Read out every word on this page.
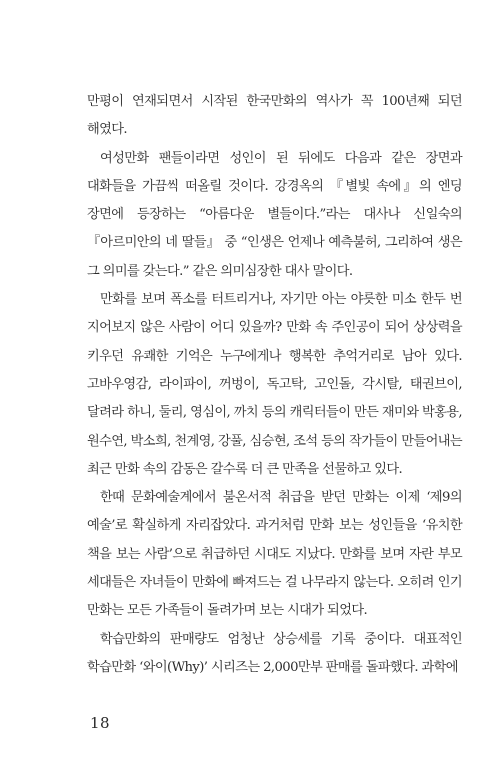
만평이 연재되면서 시작된 한국만화의 역사가 꼭 100년째 되던 해였다.

여성만화 팬들이라면 성인이 된 뒤에도 다음과 같은 장면과 대화들을 가끔씩 떠올릴 것이다. 강경옥의 『별빛 속에』의 엔딩 장면에 등장하는 “아름다운 별들이다.”라는 대사나 신일숙의 『아르미안의 네 딸들』 중 “인생은 언제나 예측불허, 그리하여 생은 그 의미를 갖는다.” 같은 의미심장한 대사 말이다.

만화를 보며 폭소를 터트리거나, 자기만 아는 야릇한 미소 한두 번 지어보지 않은 사람이 어디 있을까? 만화 속 주인공이 되어 상상력을 키우던 유쾌한 기억은 누구에게나 행복한 추억거리로 남아 있다. 고바우영감, 라이파이, 꺼벙이, 독고탁, 고인돌, 각시탈, 태권브이, 달려라 하니, 둘리, 영심이, 까치 등의 캐릭터들이 만든 재미와 박홍용, 원수연, 박소희, 천계영, 강풀, 심승현, 조석 등의 작가들이 만들어내는 최근 만화 속의 감동은 갈수록 더 큰 만족을 선물하고 있다.

한때 문화예술계에서 불온서적 취급을 받던 만화는 이제 ‘제9의 예술’로 확실하게 자리잡았다. 과거처럼 만화 보는 성인들을 ‘유치한 책을 보는 사람’으로 취급하던 시대도 지났다. 만화를 보며 자란 부모 세대들은 자녀들이 만화에 빠져드는 걸 나무라지 않는다. 오히려 인기 만화는 모든 가족들이 돌려가며 보는 시대가 되었다.

학습만화의 판매량도 엄청난 상승세를 기록 중이다. 대표적인 학습만화 ‘와이(Why)’ 시리즈는 2,000만부 판매를 돌파했다. 과학에

18
